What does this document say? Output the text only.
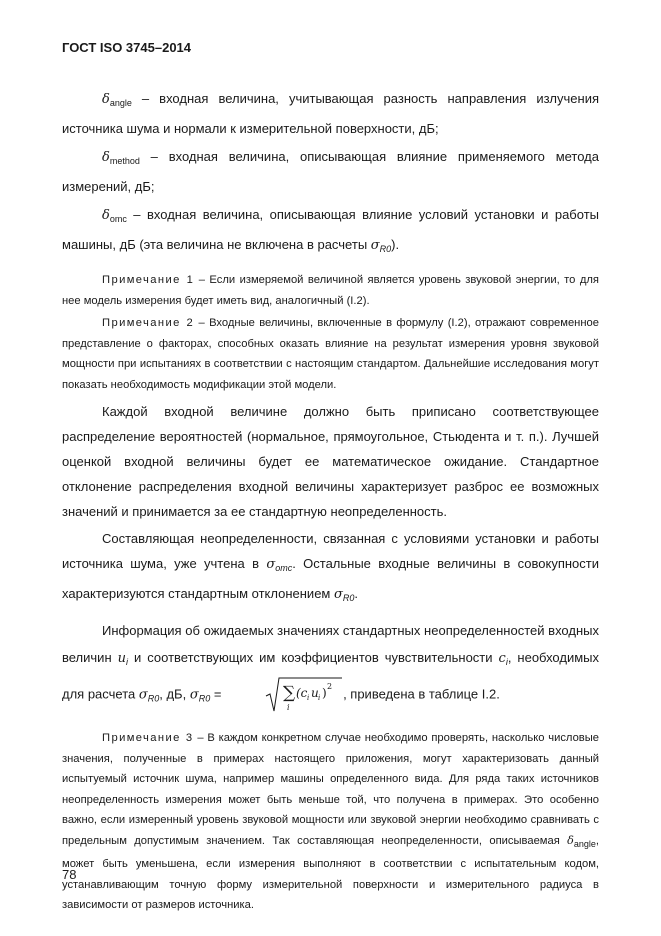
ГОСТ ISO 3745–2014

$\delta_{angle}$ – входная величина, учитывающая разность направления излучения источника шума и нормали к измерительной поверхности, дБ;

$\delta_{method}$ – входная величина, описывающая влияние применяемого метода измерений, дБ;

$\delta_{omc}$ – входная величина, описывающая влияние условий установки и работы машины, дБ (эта величина не включена в расчеты $\sigma_{R0}$).

Примечание 1 – Если измеряемой величиной является уровень звуковой энергии, то для нее модель измерения будет иметь вид, аналогичный (I.2).

Примечание 2 – Входные величины, включенные в формулу (I.2), отражают современное представление о факторах, способных оказать влияние на результат измерения уровня звуковой мощности при испытаниях в соответствии с настоящим стандартом. Дальнейшие исследования могут показать необходимость модификации этой модели.

Каждой входной величине должно быть приписано соответствующее распределение вероятностей (нормальное, прямоугольное, Стьюдента и т. п.). Лучшей оценкой входной величины будет ее математическое ожидание. Стандартное отклонение распределения входной величины характеризует разброс ее возможных значений и принимается за ее стандартную неопределенность.

Составляющая неопределенности, связанная с условиями установки и работы источника шума, уже учтена в $\sigma_{omc}$. Остальные входные величины в совокупности характеризуются стандартным отклонением $\sigma_{R0}$.

Информация об ожидаемых значениях стандартных неопределенностей входных величин $u_i$ и соответствующих им коэффициентов чувствительности $c_i$, необходимых для расчета $\sigma_{R0}$, дБ, $\sigma_{R0}$ =	∑
i
(c i u i ) 2 , приведена в таблице I.2.

Примечание 3 – В каждом конкретном случае необходимо проверять, насколько числовые значения, полученные в примерах настоящего приложения, могут характеризовать данный испытуемый источник шума, например машины определенного вида. Для ряда таких источников неопределенность измерения может быть меньше той, что получена в примерах. Это особенно важно, если измеренный уровень звуковой мощности или звуковой энергии необходимо сравнивать с предельным допустимым значением. Так составляющая неопределенности, описываемая $\delta_{angle}$, может быть уменьшена, если измерения выполняют в соответствии с испытательным кодом, устанавливающим точную форму измерительной поверхности и измерительного радиуса в зависимости от размеров источника.

78
